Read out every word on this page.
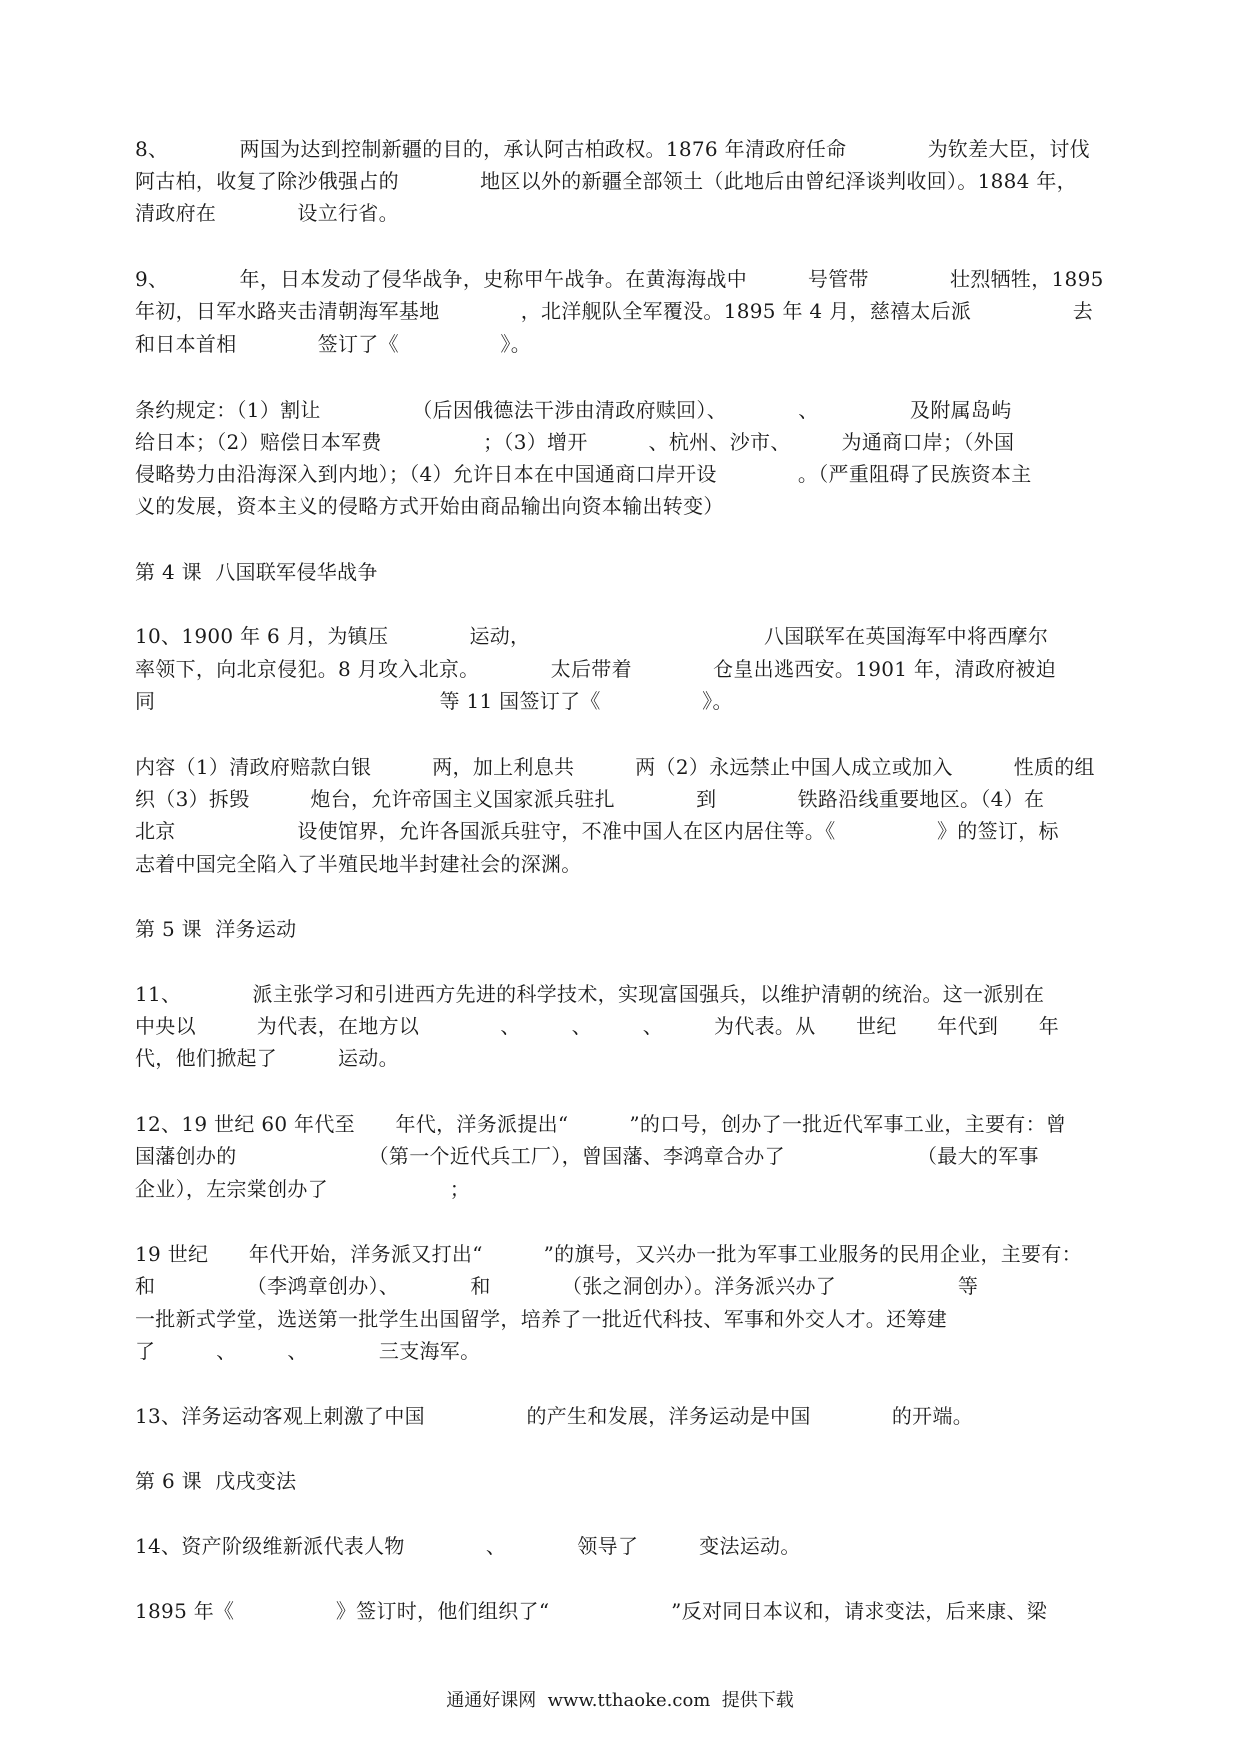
8、　　　　两国为达到控制新疆的目的，承认阿古柏政权。1876 年清政府任命　　　　为钦差大臣，讨伐
阿古柏，收复了除沙俄强占的　　　　地区以外的新疆全部领土（此地后由曾纪泽谈判收回）。1884 年，
清政府在　　　　设立行省。
9、　　　　年，日本发动了侵华战争，史称甲午战争。在黄海海战中　　　号管带　　　　壮烈牺牲，1895
年初，日军水路夹击清朝海军基地　　　　，北洋舰队全军覆没。1895 年 4 月，慈禧太后派　　　　　去
和日本首相　　　　签订了《　　　　　》。
条约规定：（1）割让　　　　　（后因俄德法干涉由清政府赎回）、　　　　、　　　　　及附属岛屿
给日本；（2）赔偿日本军费　　　　　；（3）增开　　　、杭州、沙市、　　　为通商口岸；（外国
侵略势力由沿海深入到内地）；（4）允许日本在中国通商口岸开设　　　　。（严重阻碍了民族资本主
义的发展，资本主义的侵略方式开始由商品输出向资本输出转变）
第 4 课  八国联军侵华战争
10、1900 年 6 月，为镇压　　　　运动，　　　　　　　　　　　　八国联军在英国海军中将西摩尔
率领下，向北京侵犯。8 月攻入北京。　　　　太后带着　　　　仓皇出逃西安。1901 年，清政府被迫
同　　　　　　　　　　　　　　等 11 国签订了《　　　　　》。
内容（1）清政府赔款白银　　　两，加上利息共　　　两（2）永远禁止中国人成立或加入　　　性质的组
织（3）拆毁　　　炮台，允许帝国主义国家派兵驻扎　　　　到　　　　铁路沿线重要地区。（4）在
北京　　　　　　设使馆界，允许各国派兵驻守，不准中国人在区内居住等。《　　　　　》的签订，标
志着中国完全陷入了半殖民地半封建社会的深渊。
第 5 课  洋务运动
11、　　　　派主张学习和引进西方先进的科学技术，实现富国强兵，以维护清朝的统治。这一派别在
中央以　　　为代表，在地方以　　　　、　　　、　　　、　　　为代表。从　　世纪　　年代到　　年
代，他们掀起了　　　运动。
12、19 世纪 60 年代至　　年代，洋务派提出“　　　”的口号，创办了一批近代军事工业，主要有：曾
国藩创办的　　　　　　　（第一个近代兵工厂），曾国藩、李鸿章合办了　　　　　　　（最大的军事
企业），左宗棠创办了　　　　　　；
19 世纪　　年代开始，洋务派又打出“　　　”的旗号，又兴办一批为军事工业服务的民用企业，主要有：
和　　　　　（李鸿章创办）、　　　　和　　　　（张之洞创办）。洋务派兴办了　　　　　　等
一批新式学堂，选送第一批学生出国留学，培养了一批近代科技、军事和外交人才。还筹建
了　　　、　　　、　　　　三支海军。
13、洋务运动客观上刺激了中国　　　　　的产生和发展，洋务运动是中国　　　　的开端。
第 6 课  戊戌变法
14、资产阶级维新派代表人物　　　　、　　　　领导了　　　变法运动。
1895 年《　　　　　》签订时，他们组织了“　　　　　　”反对同日本议和，请求变法，后来康、梁
通通好课网  www.tthaoke.com  提供下载
